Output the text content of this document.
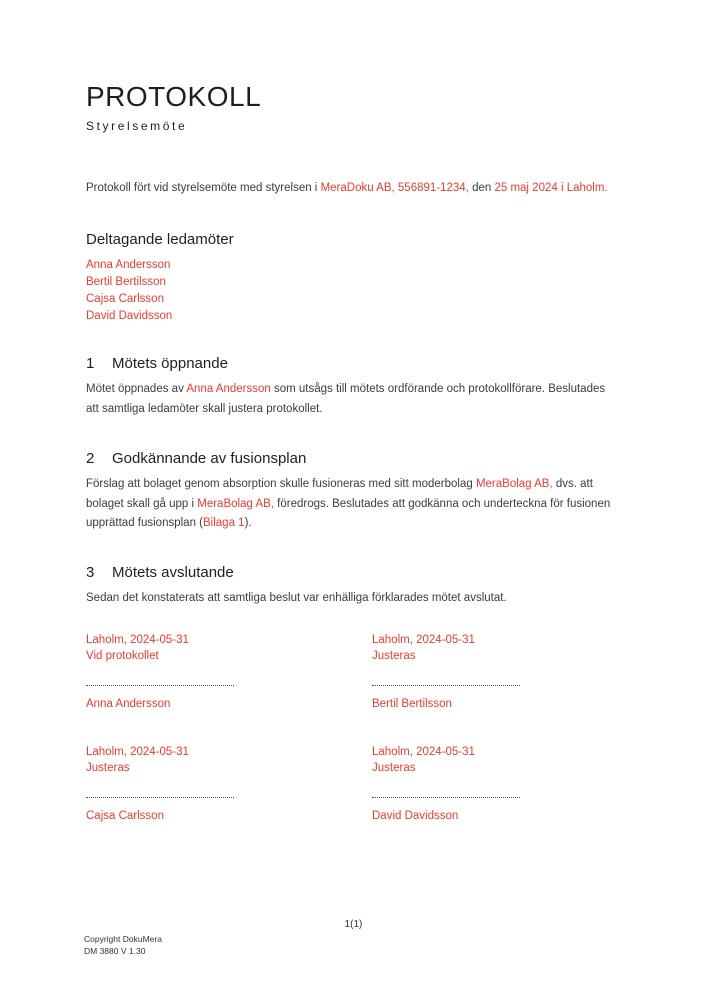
PROTOKOLL
Styrelsemöte

Protokoll fört vid styrelsemöte med styrelsen i MeraDoku AB, 556891-1234, den 25 maj 2024 i Laholm.

Deltagande ledamöter
Anna Andersson
Bertil Bertilsson
Cajsa Carlsson
David Davidsson
1 Mötets öppnande

Mötet öppnades av Anna Andersson som utsågs till mötets ordförande och protokollförare. Beslutades att samtliga ledamöter skall justera protokollet.

2 Godkännande av fusionsplan

Förslag att bolaget genom absorption skulle fusioneras med sitt moderbolag MeraBolag AB, dvs. att bolaget skall gå upp i MeraBolag AB, föredrogs. Beslutades att godkänna och underteckna för fusionen upprättad fusionsplan (Bilaga 1).

3 Mötets avslutande

Sedan det konstaterats att samtliga beslut var enhälliga förklarades mötet avslutat.

Laholm, 2024-05-31
Vid protokollet
Anna Andersson
Laholm, 2024-05-31
Justeras
Bertil Bertilsson
Laholm, 2024-05-31
Justeras
Cajsa Carlsson
Laholm, 2024-05-31
Justeras
David Davidsson
1(1)
Copyright DokuMera
DM 3880 V 1.30
